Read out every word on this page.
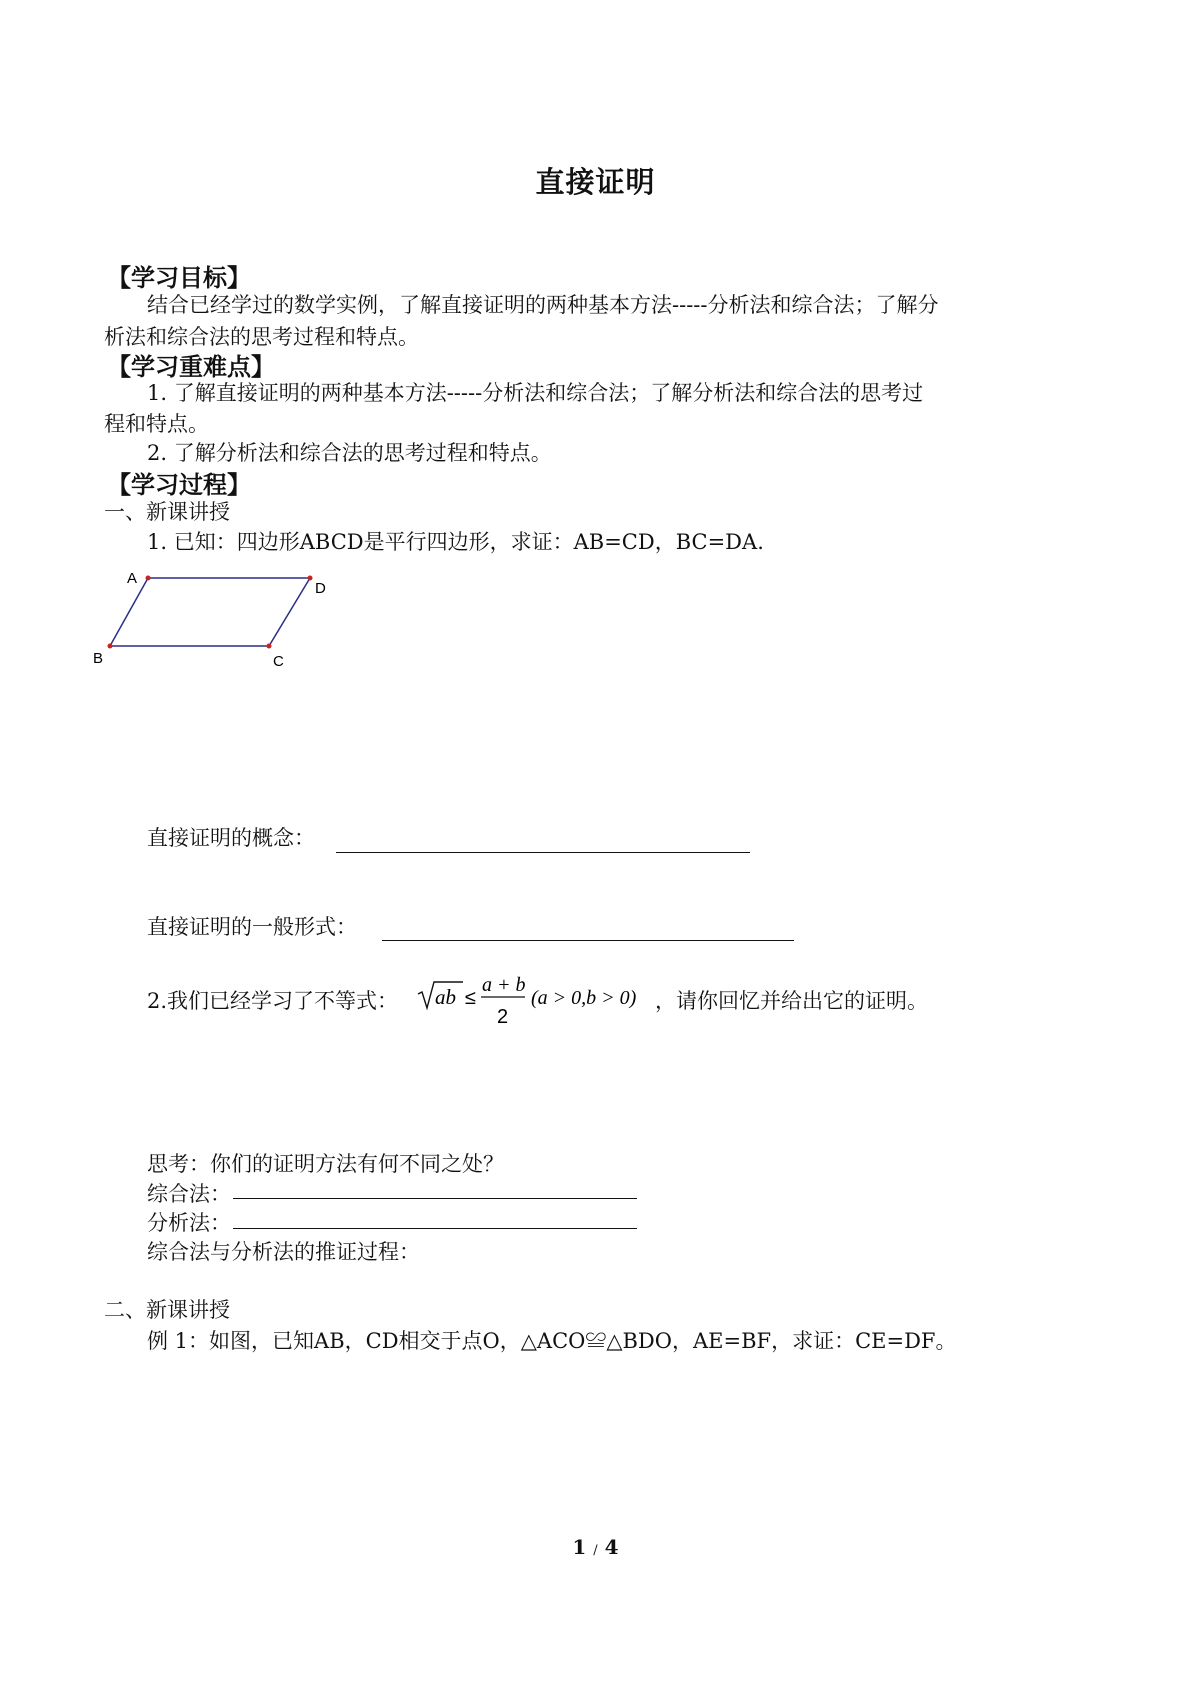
直接证明
【学习目标】
结合已经学过的数学实例，了解直接证明的两种基本方法-----分析法和综合法；了解分
析法和综合法的思考过程和特点。
【学习重难点】
1. 了解直接证明的两种基本方法-----分析法和综合法；了解分析法和综合法的思考过
程和特点。
2. 了解分析法和综合法的思考过程和特点。
【学习过程】
一、新课讲授
1. 已知：四边形ABCD是平行四边形，求证：AB=CD，BC=DA.
A
D
C
B
直接证明的概念：
直接证明的一般形式：
2.我们已经学习了不等式： ab ≤
a + b
2
(a > 0,b > 0) ，请你回忆并给出它的证明。
思考：你们的证明方法有何不同之处？
综合法：
分析法：
综合法与分析法的推证过程：
二、新课讲授
例 1：如图，已知AB，CD相交于点O，△ACO≌△BDO，AE=BF，求证：CE=DF。
1 / 4
